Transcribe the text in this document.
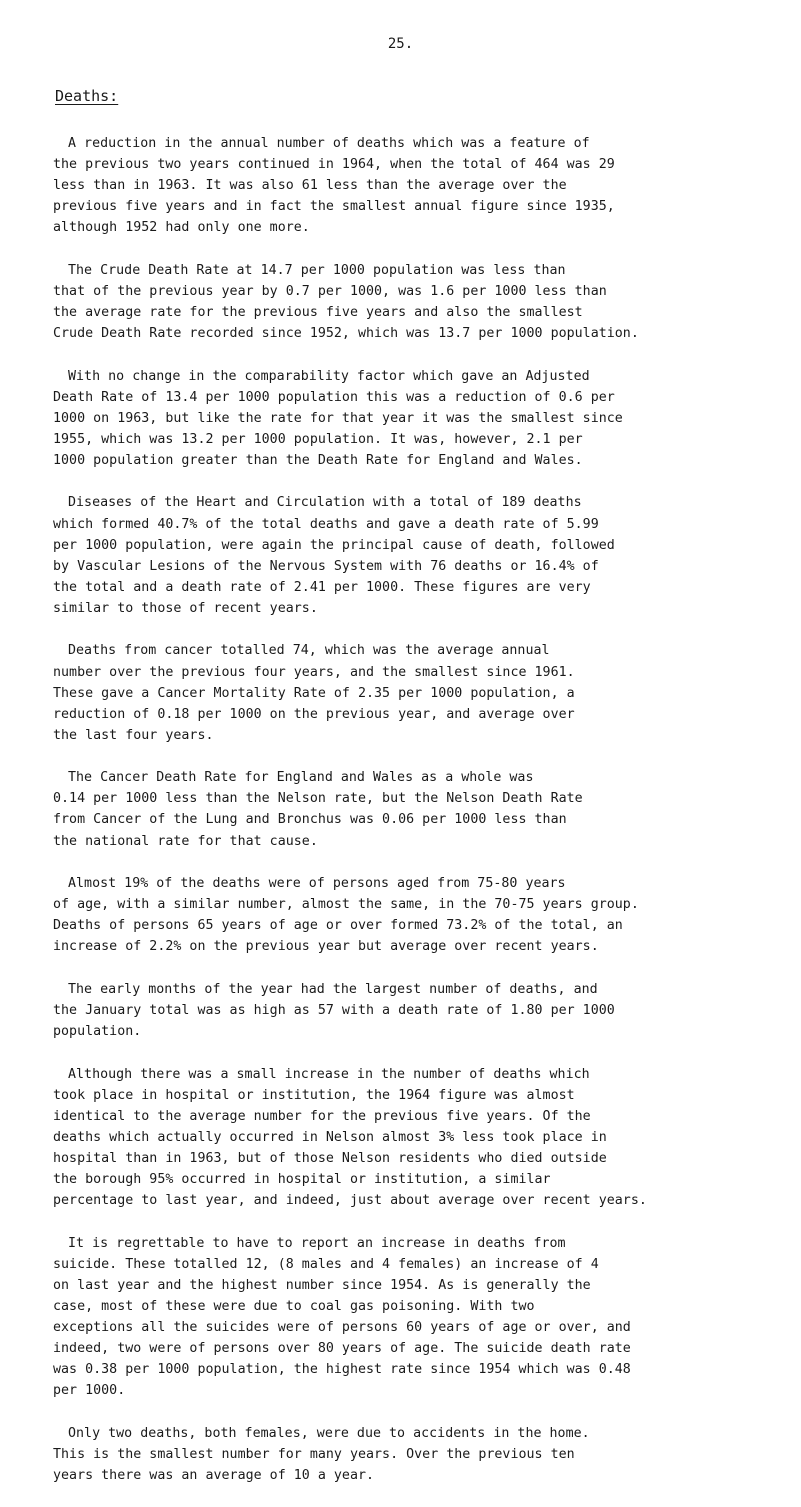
25.
Deaths:
A reduction in the annual number of deaths which was a feature of
the previous two years continued in 1964, when the total of 464 was 29
less than in 1963. It was also 61 less than the average over the
previous five years and in fact the smallest annual figure since 1935,
although 1952 had only one more.
The Crude Death Rate at 14.7 per 1000 population was less than
that of the previous year by 0.7 per 1000, was 1.6 per 1000 less than
the average rate for the previous five years and also the smallest
Crude Death Rate recorded since 1952, which was 13.7 per 1000 population.
With no change in the comparability factor which gave an Adjusted
Death Rate of 13.4 per 1000 population this was a reduction of 0.6 per
1000 on 1963, but like the rate for that year it was the smallest since
1955, which was 13.2 per 1000 population. It was, however, 2.1 per
1000 population greater than the Death Rate for England and Wales.
Diseases of the Heart and Circulation with a total of 189 deaths
which formed 40.7% of the total deaths and gave a death rate of 5.99
per 1000 population, were again the principal cause of death, followed
by Vascular Lesions of the Nervous System with 76 deaths or 16.4% of
the total and a death rate of 2.41 per 1000. These figures are very
similar to those of recent years.
Deaths from cancer totalled 74, which was the average annual
number over the previous four years, and the smallest since 1961.
These gave a Cancer Mortality Rate of 2.35 per 1000 population, a
reduction of 0.18 per 1000 on the previous year, and average over
the last four years.
The Cancer Death Rate for England and Wales as a whole was
0.14 per 1000 less than the Nelson rate, but the Nelson Death Rate
from Cancer of the Lung and Bronchus was 0.06 per 1000 less than
the national rate for that cause.
Almost 19% of the deaths were of persons aged from 75-80 years
of age, with a similar number, almost the same, in the 70-75 years group.
Deaths of persons 65 years of age or over formed 73.2% of the total, an
increase of 2.2% on the previous year but average over recent years.
The early months of the year had the largest number of deaths, and
the January total was as high as 57 with a death rate of 1.80 per 1000
population.
Although there was a small increase in the number of deaths which
took place in hospital or institution, the 1964 figure was almost
identical to the average number for the previous five years. Of the
deaths which actually occurred in Nelson almost 3% less took place in
hospital than in 1963, but of those Nelson residents who died outside
the borough 95% occurred in hospital or institution, a similar
percentage to last year, and indeed, just about average over recent years.
It is regrettable to have to report an increase in deaths from
suicide. These totalled 12, (8 males and 4 females) an increase of 4
on last year and the highest number since 1954. As is generally the
case, most of these were due to coal gas poisoning. With two
exceptions all the suicides were of persons 60 years of age or over, and
indeed, two were of persons over 80 years of age. The suicide death rate
was 0.38 per 1000 population, the highest rate since 1954 which was 0.48
per 1000.
Only two deaths, both females, were due to accidents in the home.
This is the smallest number for many years. Over the previous ten
years there was an average of 10 a year.
